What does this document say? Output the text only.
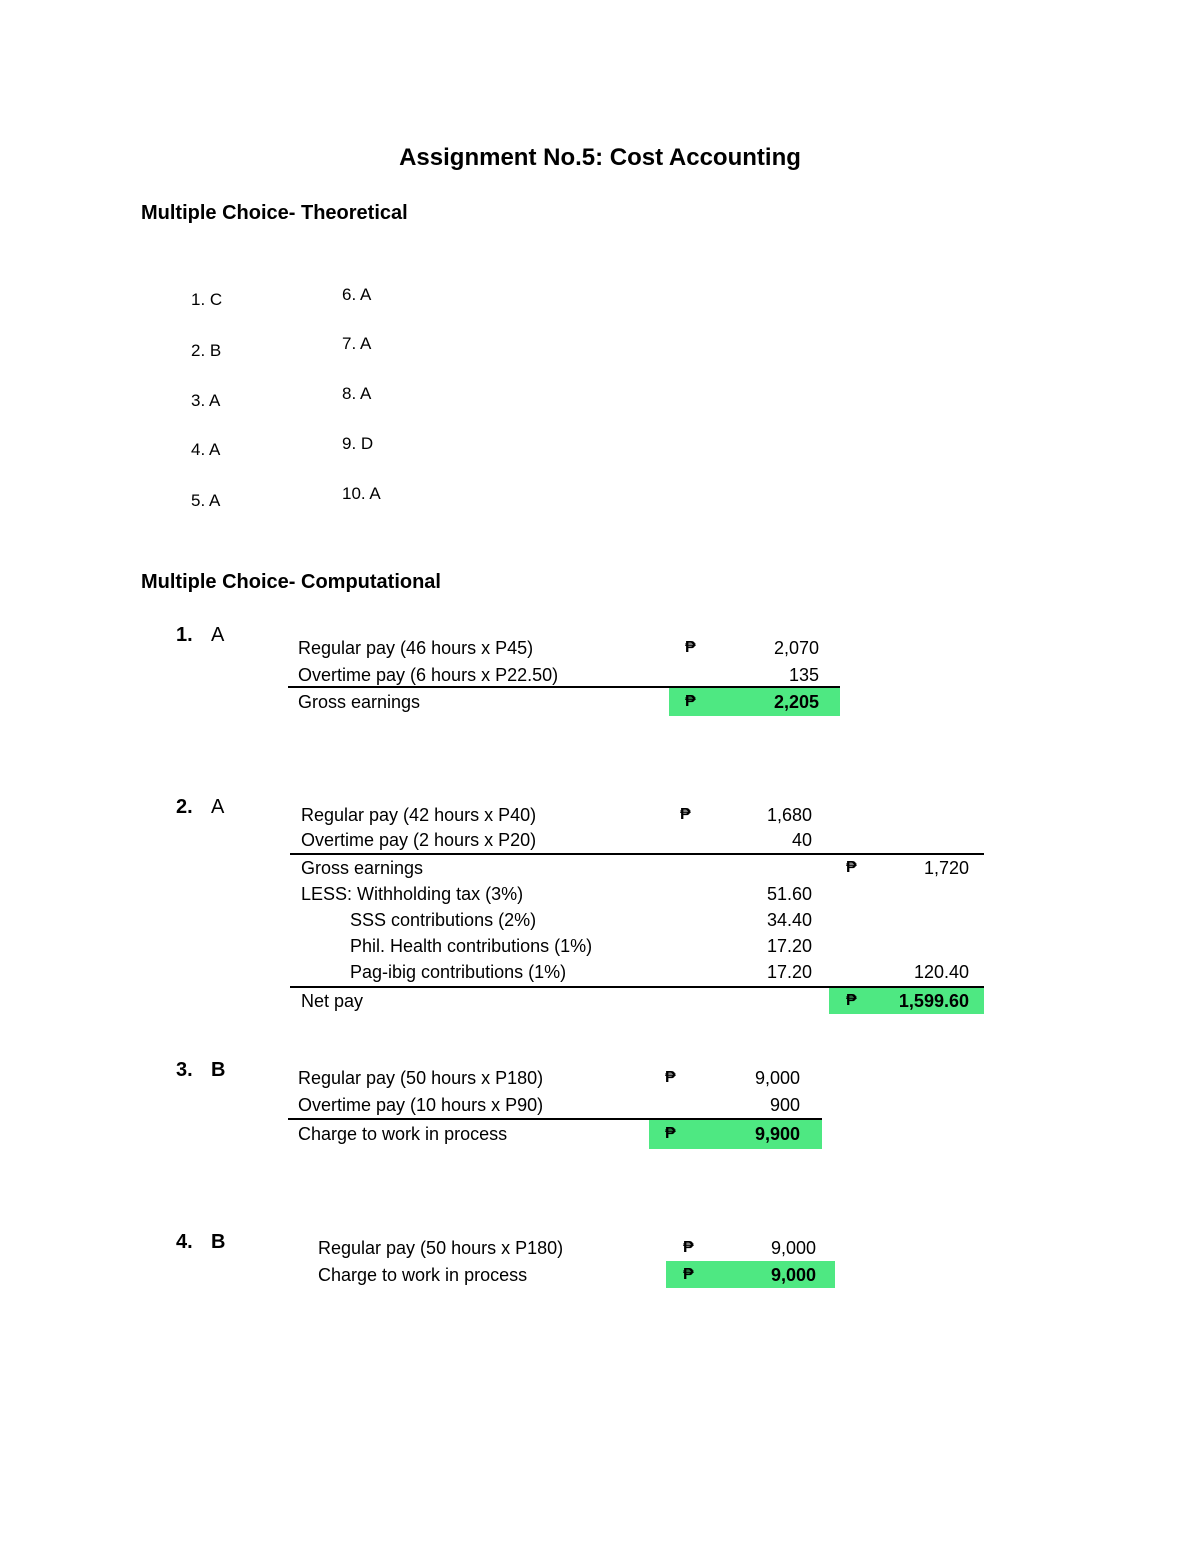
Assignment No.5: Cost Accounting
Multiple Choice- Theoretical
1. C
2. B
3. A
4. A
5. A
6. A
7. A
8. A
9. D
10. A
Multiple Choice- Computational
1. A
Regular pay (46 hours x P45)	₱	2,070
Overtime pay (6 hours x P22.50)	135
Gross earnings	₱	2,205
2. A	Regular pay (42 hours x P40)	₱	1,680
Overtime pay (2 hours x P20)	40
Gross earnings	₱	1,720
LESS: Withholding tax (3%)	51.60
SSS contributions (2%)	34.40
Phil. Health contributions (1%)	17.20
Pag-ibig contributions (1%)	17.20	120.40
Net pay	₱	1,599.60
3. B	Regular pay (50 hours x P180)	₱	9,000
Overtime pay (10 hours x P90)	900
Charge to work in process	₱	9,900
4. B	Regular pay (50 hours x P180)	₱	9,000
Charge to work in process	₱	9,000
